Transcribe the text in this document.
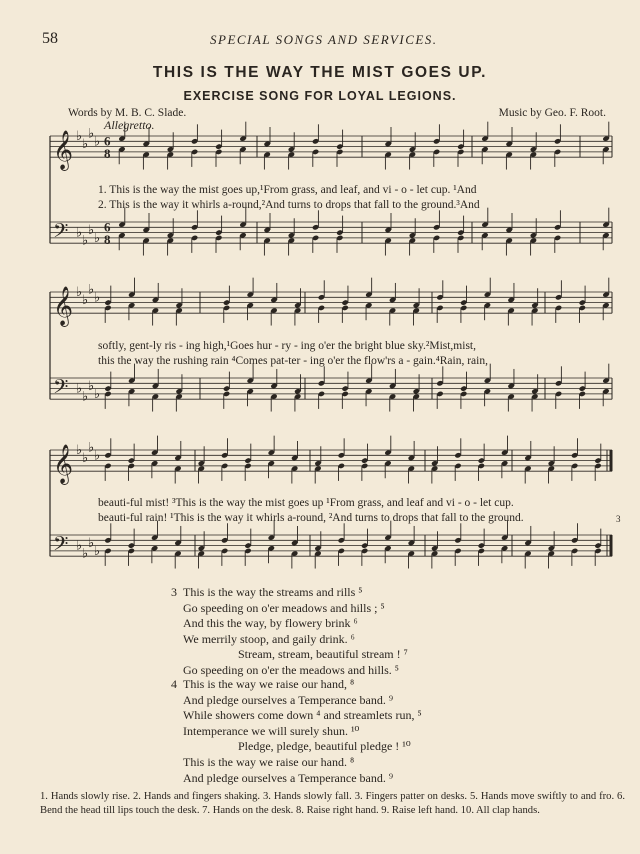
58	SPECIAL SONGS AND SERVICES.
THIS IS THE WAY THE MIST GOES UP.
EXERCISE SONG FOR LOYAL LEGIONS.
Words by M. B. C. Slade.	Music by Geo. F. Root.
Allegretto.
𝄞 ♭
♭
♭
♭ 6
8
𝄢 ♭
♭
♭
♭
6
8
𝄞 ♭
♭
♭
♭
𝄢 ♭
♭
♭
♭
𝄞 ♭
♭
♭
♭
𝄢 ♭
♭
♭
♭
3
1. This is the way the mist goes up,¹From grass, and leaf, and vi - o - let cup. ¹And
2. This is the way it whirls a-round,²And turns to drops that fall to the ground.³And
softly, gent-ly ris - ing high,¹Goes hur - ry - ing o'er the bright blue sky.²Mist,mist,
this the way the rushing rain ⁴Comes pat-ter - ing o'er the flow'rs a - gain.⁴Rain, rain,
beauti-ful mist! ³This is the way the mist goes up ¹From grass, and leaf and vi - o - let cup.
beauti-ful rain! ¹This is the way it whirls a-round, ²And turns to drops that fall to the ground.
3 This is the way the streams and rills ⁵
Go speeding on o'er meadows and hills ; ⁵
And this the way, by flowery brink ⁶
We merrily stoop, and gaily drink. ⁶
Stream, stream, beautiful stream ! ⁷
Go speeding on o'er the meadows and hills. ⁵
4 This is the way we raise our hand, ⁸
And pledge ourselves a Temperance band. ⁹
While showers come down ⁴ and streamlets run, ⁵
Intemperance we will surely shun. ¹⁰
Pledge, pledge, beautiful pledge ! ¹⁰
This is the way we raise our hand. ⁸
And pledge ourselves a Temperance band. ⁹
1. Hands slowly rise. 2. Hands and fingers shaking. 3. Hands slowly fall. 3. Fingers patter on desks. 5. Hands move swiftly to and fro. 6. Bend the head till lips touch the desk. 7. Hands on the desk. 8. Raise right hand. 9. Raise left hand. 10. All clap hands.
